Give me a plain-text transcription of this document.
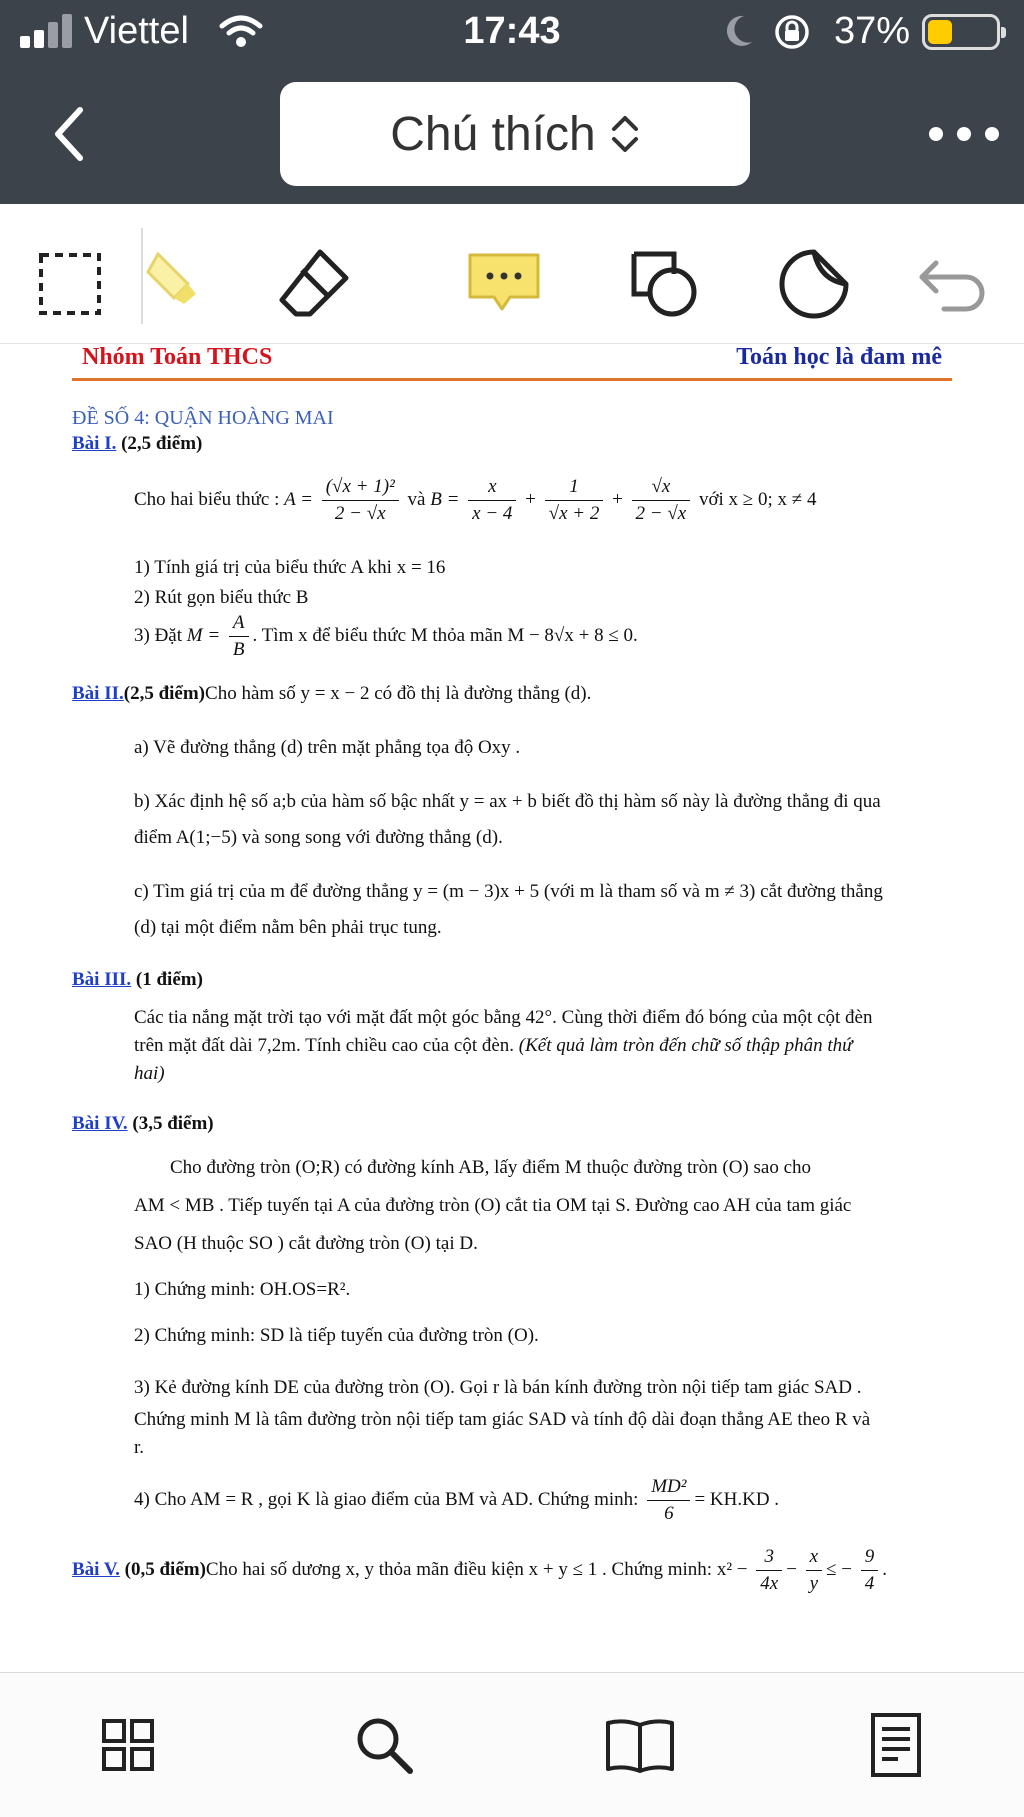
Viettel	17:43	37%
Chú thích
Nhóm Toán THCS	Toán học là đam mê
ĐỀ SỐ 4: QUẬN HOÀNG MAI
Bài I. (2,5 điểm)
Cho hai biểu thức : $A = \frac{\text{(√x + 1)²}}{2 - √x}$ và $B = \frac{x}{x - 4} + \frac{1}{√x + 2} + \frac{√x}{2 - √x}$ với x ≥ 0; x ≠ 4
1) Tính giá trị của biểu thức A khi x = 16
2) Rút gọn biểu thức B
3) Đặt $M = \frac{A}{B}$ . Tìm x để biểu thức M thỏa mãn M − 8√x + 8 ≤ 0.
Bài II.(2,5 điểm)Cho hàm số y = x − 2 có đồ thị là đường thẳng (d).
a) Vẽ đường thẳng (d) trên mặt phẳng tọa độ Oxy .
b) Xác định hệ số a;b của hàm số bậc nhất y = ax + b biết đồ thị hàm số này là đường thẳng đi qua
điểm A(1;−5) và song song với đường thẳng (d).
c) Tìm giá trị của m để đường thẳng y = (m − 3)x + 5 (với m là tham số và m ≠ 3) cắt đường thẳng
(d) tại một điểm nằm bên phải trục tung.
Bài III. (1 điểm)
Các tia nắng mặt trời tạo với mặt đất một góc bằng 42°. Cùng thời điểm đó bóng của một cột đèn
trên mặt đất dài 7,2m. Tính chiều cao của cột đèn. (Kết quả làm tròn đến chữ số thập phân thứ
hai)
Bài IV. (3,5 điểm)
Cho đường tròn (O;R) có đường kính AB, lấy điểm M thuộc đường tròn (O) sao cho
AM < MB . Tiếp tuyến tại A của đường tròn (O) cắt tia OM tại S. Đường cao AH của tam giác
SAO (H thuộc SO ) cắt đường tròn (O) tại D.
1) Chứng minh: OH.OS=R².
2) Chứng minh: SD là tiếp tuyến của đường tròn (O).
3) Kẻ đường kính DE của đường tròn (O). Gọi r là bán kính đường tròn nội tiếp tam giác SAD .
Chứng minh M là tâm đường tròn nội tiếp tam giác SAD và tính độ dài đoạn thẳng AE theo R và
r.
4) Cho AM = R , gọi K là giao điểm của BM và AD. Chứng minh: $\frac{\text{MD²}}{6} = KH.KD$ .
Bài V. (0,5 điểm)Cho hai số dương x, y thỏa mãn điều kiện x + y ≤ 1 . Chứng minh: $x^2 - \frac{3}{4x} - \frac{x}{y}$ ≤ − $\frac{9}{4}$ .
